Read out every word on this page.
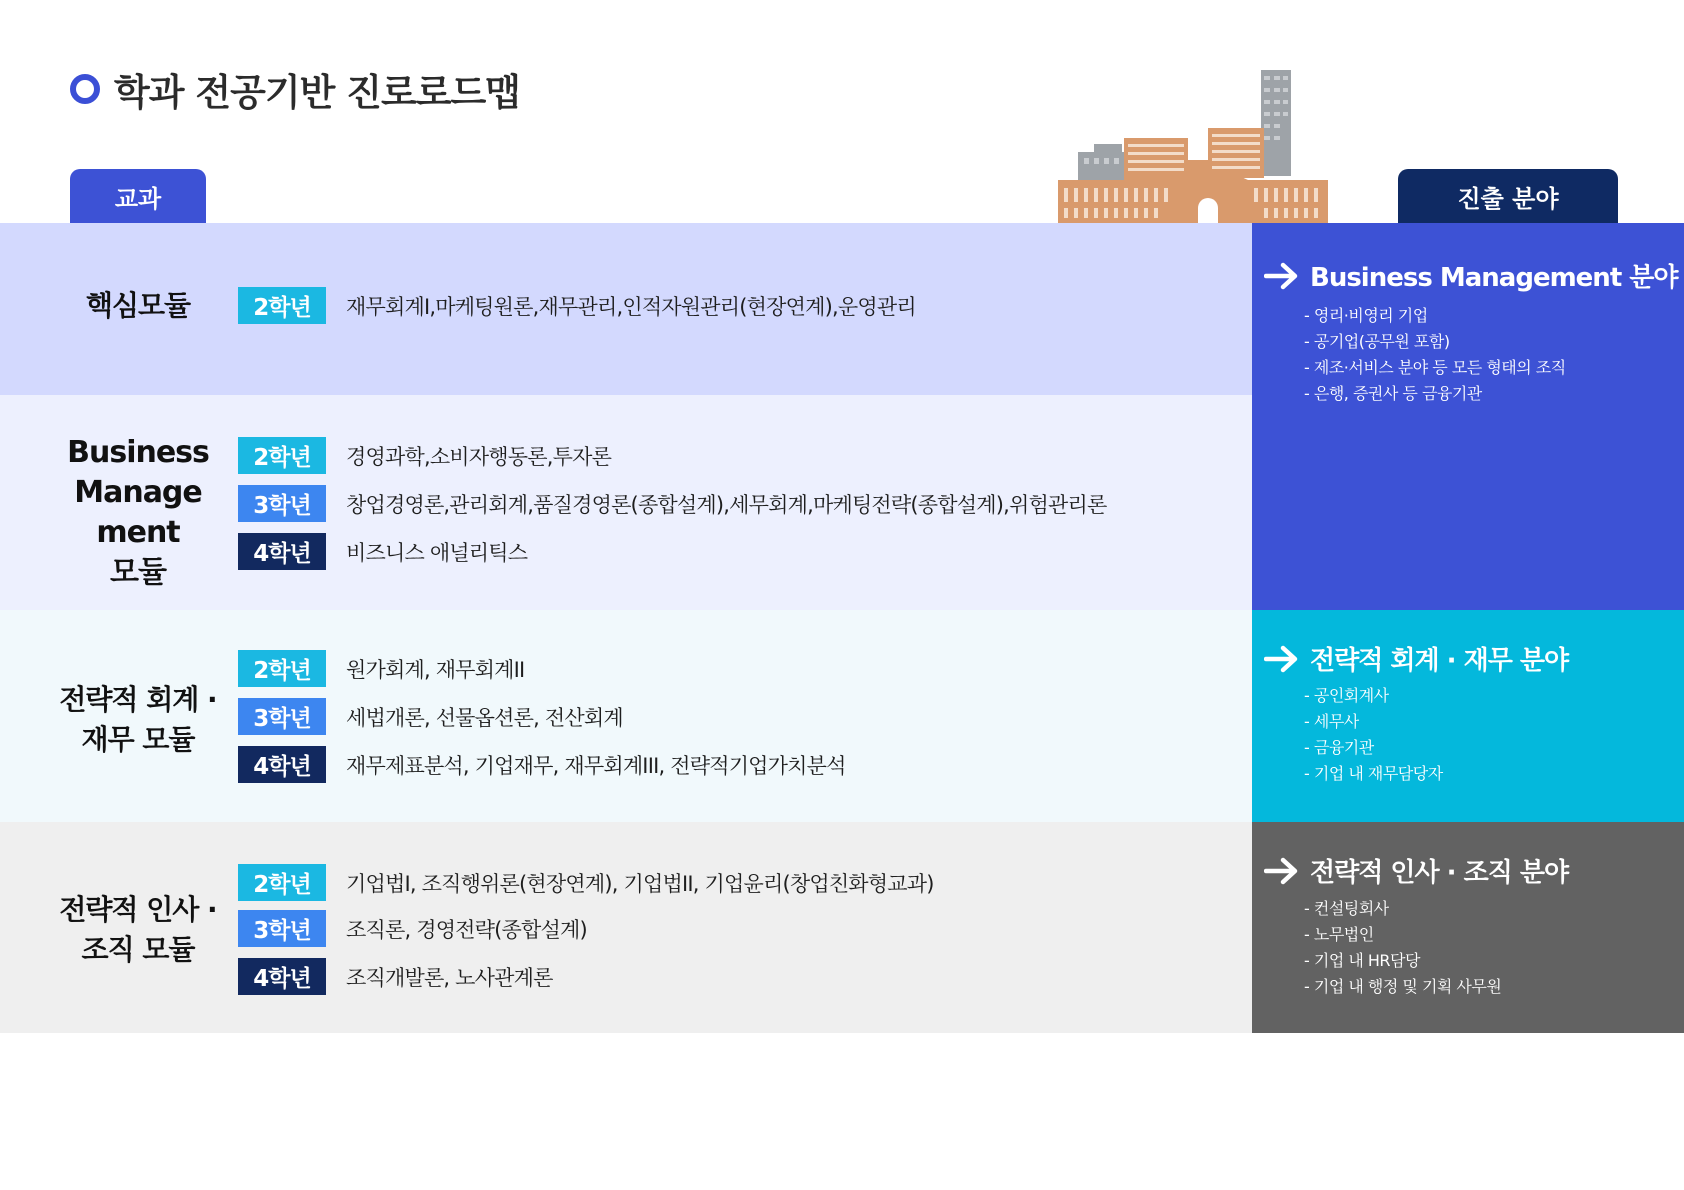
학과 전공기반 진로로드맵
교과	진출 분야
핵심모듈	2학년	재무회계I,마케팅원론,재무관리,인적자원관리(현장연계),운영관리
Business
Manage
ment
모듈
2학년	경영과학,소비자행동론,투자론
3학년	창업경영론,관리회계,품질경영론(종합설계),세무회계,마케팅전략(종합설계),위험관리론
4학년	비즈니스 애널리틱스
전략적 회계 ·
재무 모듈
2학년	원가회계, 재무회계II
3학년	세법개론, 선물옵션론, 전산회계
4학년	재무제표분석, 기업재무, 재무회계III, 전략적기업가치분석
전략적 인사 ·
조직 모듈
2학년	기업법I, 조직행위론(현장연계), 기업법II, 기업윤리(창업친화형교과)
3학년	조직론, 경영전략(종합설계)
4학년	조직개발론, 노사관계론
Business Management 분야
- 영리·비영리 기업
- 공기업(공무원 포함)
- 제조·서비스 분야 등 모든 형태의 조직
- 은행, 증권사 등 금융기관
전략적 회계 · 재무 분야
- 공인회계사
- 세무사
- 금융기관
- 기업 내 재무담당자
전략적 인사 · 조직 분야
- 컨설팅회사
- 노무법인
- 기업 내 HR담당
- 기업 내 행정 및 기획 사무원
